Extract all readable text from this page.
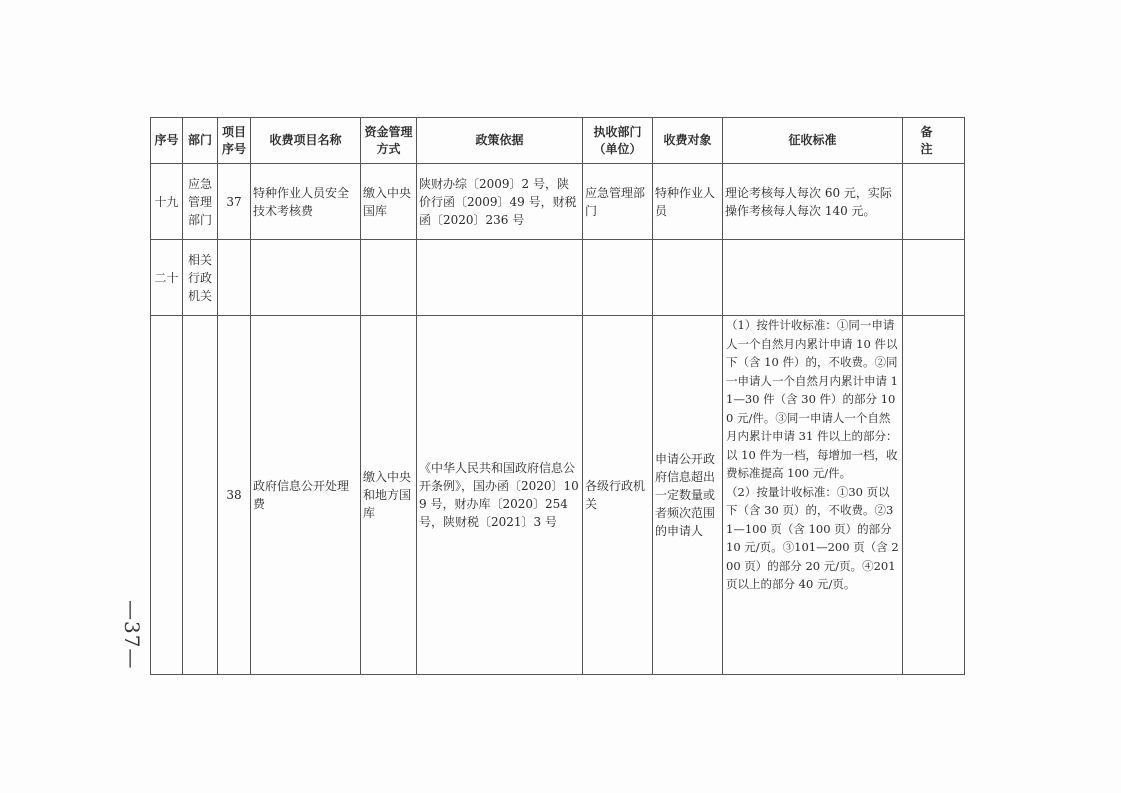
—37—
序号	部门	项目序号	收费项目名称	资金管理方式	政策依据	执收部门（单位）	收费对象	征收标准	备　注
十九	应急管理部门	37	特种作业人员安全技术考核费	缴入中央国库	陕财办综〔2009〕2 号，陕价行函〔2009〕49 号，财税函〔2020〕236 号	应急管理部门	特种作业人员	理论考核每人每次 60 元，实际操作考核每人每次 140 元。	
二十	相关行政机关								
		38	政府信息公开处理费	缴入中央和地方国库	《中华人民共和国政府信息公开条例》，国办函〔2020〕109 号，财办库〔2020〕254 号，陕财税〔2021〕3 号	各级行政机关	申请公开政府信息超出一定数量或者频次范围的申请人	（1）按件计收标准：①同一申请人一个自然月内累计申请 10 件以下（含 10 件）的，不收费。②同一申请人一个自然月内累计申请 11—30 件（含 30 件）的部分 100 元/件。③同一申请人一个自然月内累计申请 31 件以上的部分：以 10 件为一档，每增加一档，收费标准提高 100 元/件。
（2）按量计收标准：①30 页以下（含 30 页）的，不收费。②31—100 页（含 100 页）的部分 10 元/页。③101—200 页（含 200 页）的部分 20 元/页。④201 页以上的部分 40 元/页。	
